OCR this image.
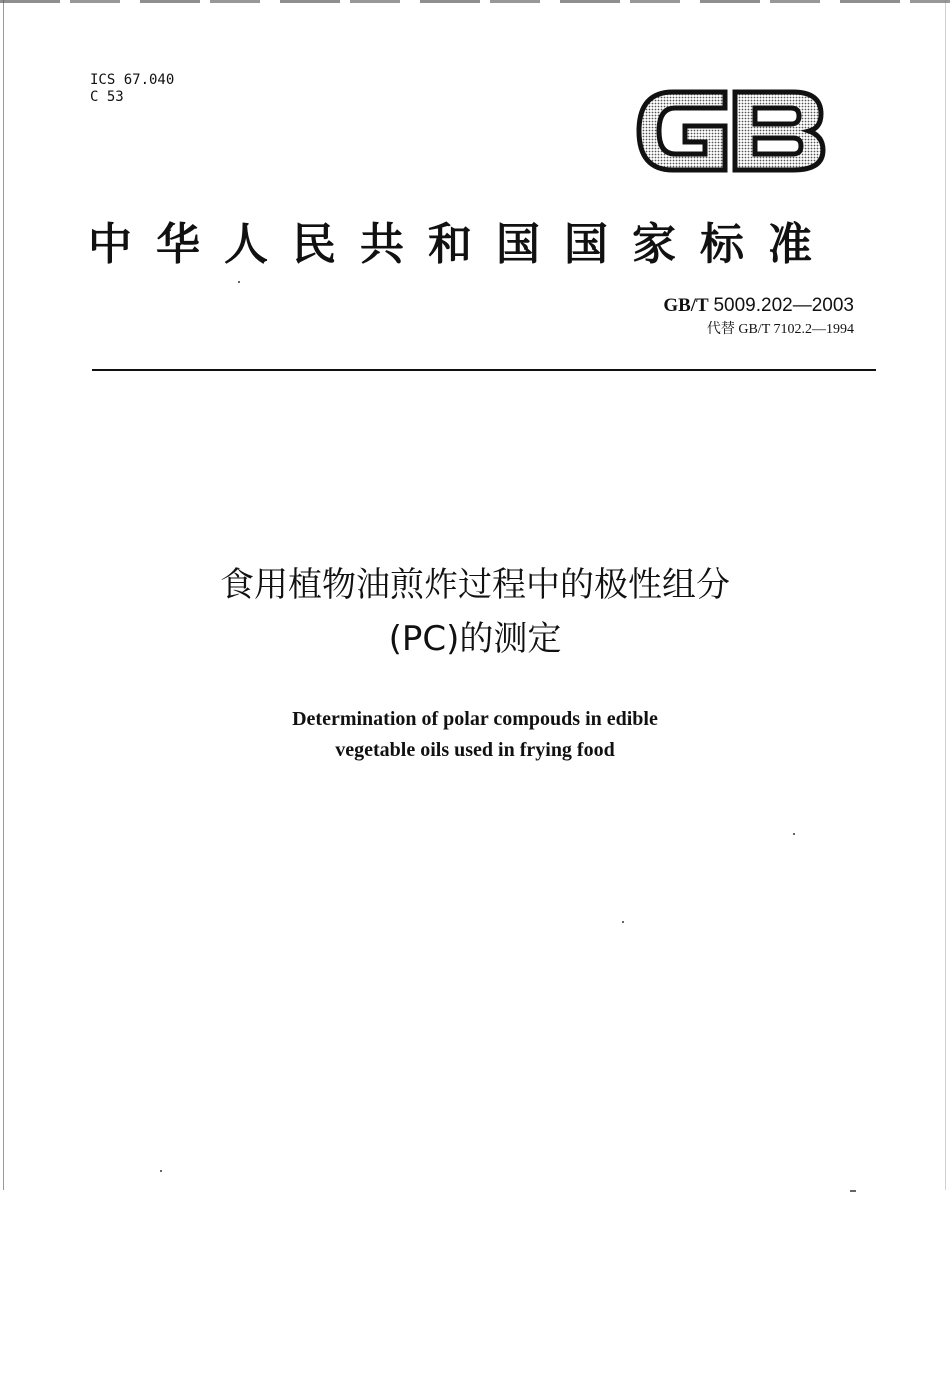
ICS 67.040
C 53
中华人民共和国国家标准
GB/T 5009.202—2003
代替 GB/T 7102.2—1994
食用植物油煎炸过程中的极性组分
(PC)的测定
Determination of polar compouds in edible
vegetable oils used in frying food
